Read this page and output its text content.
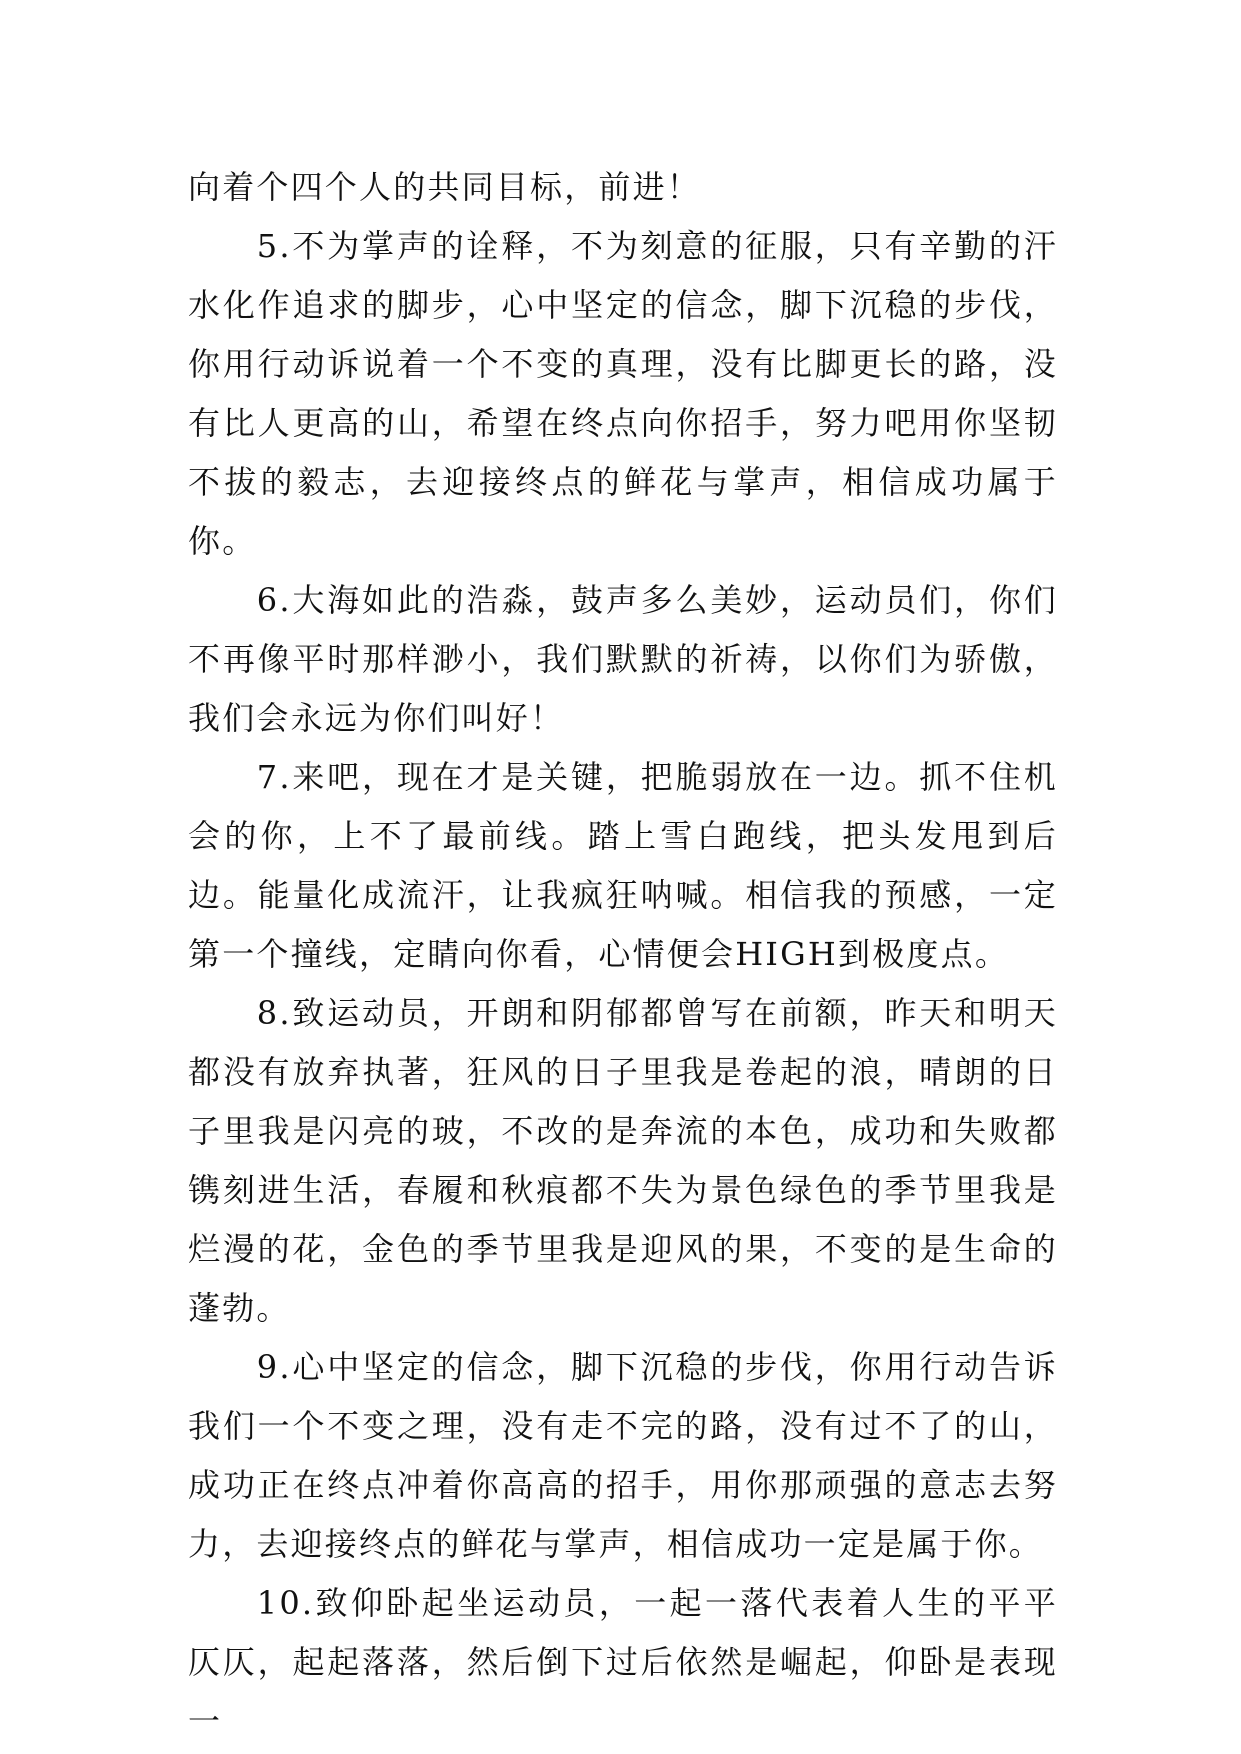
向着个四个人的共同目标，前进！

5.不为掌声的诠释，不为刻意的征服，只有辛勤的汗水化作追求的脚步，心中坚定的信念，脚下沉稳的步伐，你用行动诉说着一个不变的真理，没有比脚更长的路，没有比人更高的山，希望在终点向你招手，努力吧用你坚韧不拔的毅志，去迎接终点的鲜花与掌声，相信成功属于你。

6.大海如此的浩淼，鼓声多么美妙，运动员们，你们不再像平时那样渺小，我们默默的祈祷，以你们为骄傲，我们会永远为你们叫好！

7.来吧，现在才是关键，把脆弱放在一边。抓不住机会的你，上不了最前线。踏上雪白跑线，把头发甩到后边。能量化成流汗，让我疯狂呐喊。相信我的预感，一定第一个撞线，定睛向你看，心情便会HIGH到极度点。

8.致运动员，开朗和阴郁都曾写在前额，昨天和明天都没有放弃执著，狂风的日子里我是卷起的浪，晴朗的日子里我是闪亮的玻，不改的是奔流的本色，成功和失败都镌刻进生活，春履和秋痕都不失为景色绿色的季节里我是烂漫的花，金色的季节里我是迎风的果，不变的是生命的蓬勃。

9.心中坚定的信念，脚下沉稳的步伐，你用行动告诉我们一个不变之理，没有走不完的路，没有过不了的山，成功正在终点冲着你高高的招手，用你那顽强的意志去努力，去迎接终点的鲜花与掌声，相信成功一定是属于你。

10.致仰卧起坐运动员，一起一落代表着人生的平平仄仄，起起落落，然后倒下过后依然是崛起，仰卧是表现一
